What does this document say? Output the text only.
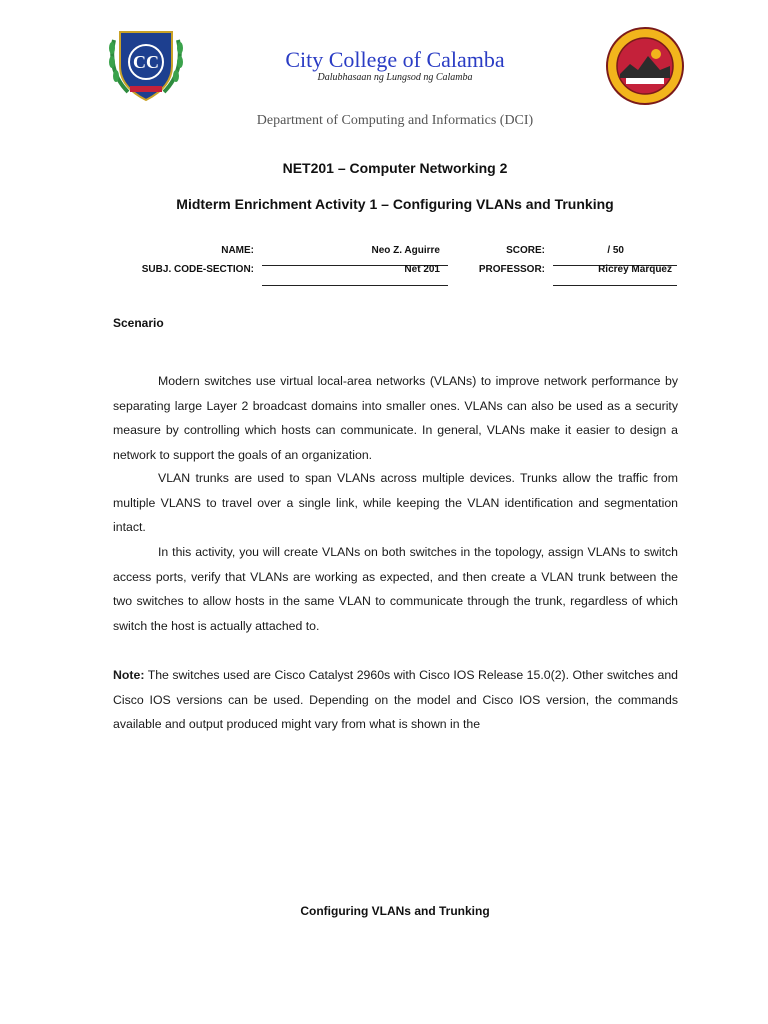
CC	City College of Calamba
Dalubhasaan ng Lungsod ng Calamba
Department of Computing and Informatics (DCI)
NET201 – Computer Networking 2
Midterm Enrichment Activity 1 – Configuring VLANs and Trunking
NAME:	Neo Z. Aguirre	SCORE:	/ 50
SUBJ. CODE-SECTION:	Net 201	PROFESSOR:	Ricrey Marquez
Scenario
Modern switches use virtual local-area networks (VLANs) to improve network performance by separating large Layer 2 broadcast domains into smaller ones. VLANs can also be used as a security measure by controlling which hosts can communicate. In general, VLANs make it easier to design a network to support the goals of an organization.
VLAN trunks are used to span VLANs across multiple devices. Trunks allow the traffic from multiple VLANS to travel over a single link, while keeping the VLAN identification and segmentation intact.
In this activity, you will create VLANs on both switches in the topology, assign VLANs to switch access ports, verify that VLANs are working as expected, and then create a VLAN trunk between the two switches to allow hosts in the same VLAN to communicate through the trunk, regardless of which switch the host is actually attached to.
Note: The switches used are Cisco Catalyst 2960s with Cisco IOS Release 15.0(2). Other switches and Cisco IOS versions can be used. Depending on the model and Cisco IOS version, the commands available and output produced might vary from what is shown in the
Configuring VLANs and Trunking
